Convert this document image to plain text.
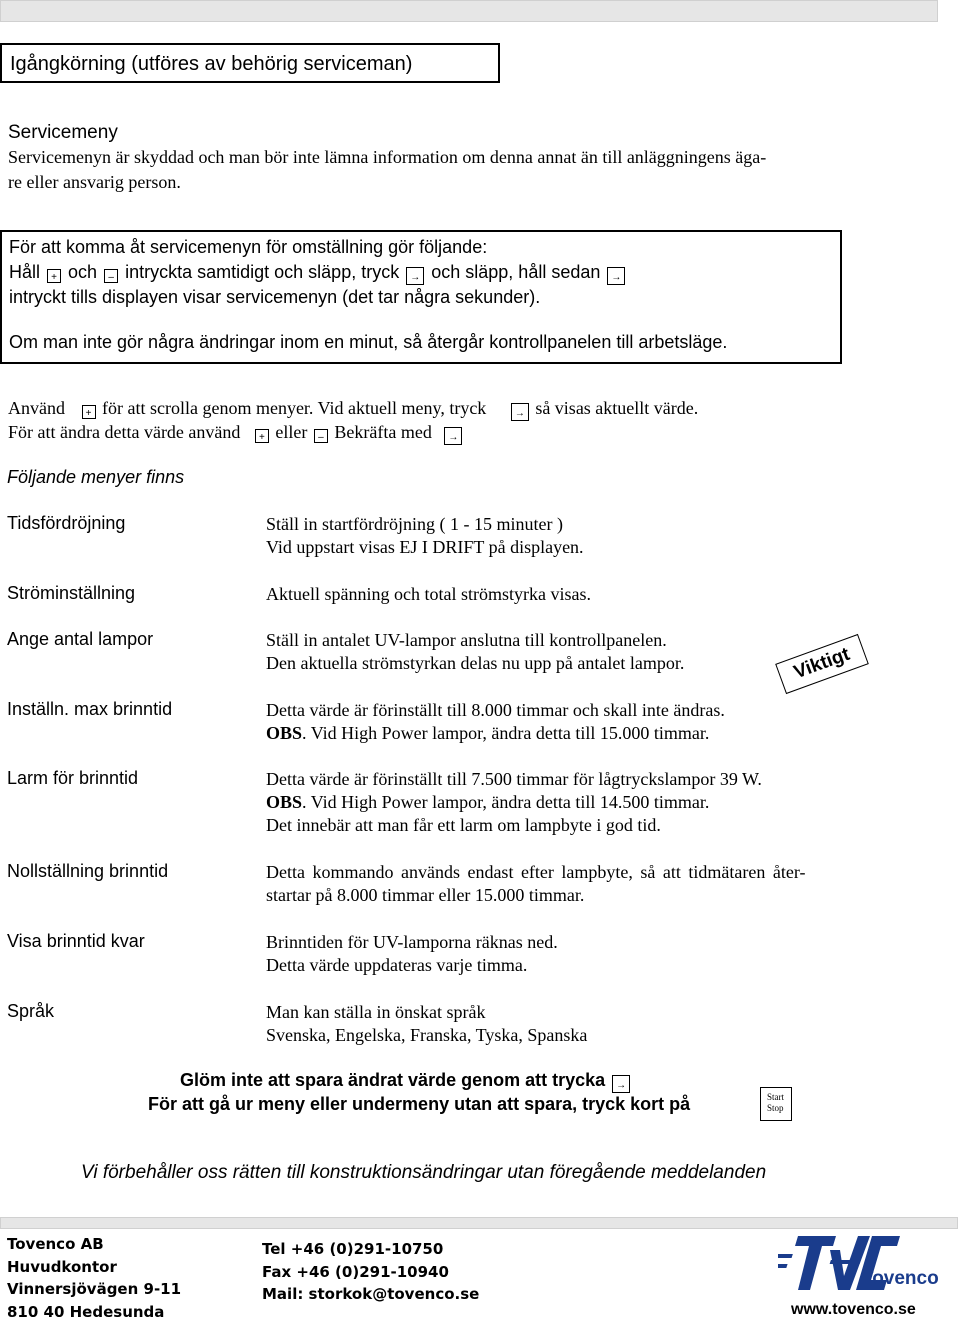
Igångkörning (utföres av behörig serviceman)
Servicemeny
Servicemenyn är skyddad och man bör inte lämna information om denna annat än till anläggningens äga-
re eller ansvarig person.
För att komma åt servicemenyn för omställning gör följande:
Håll + och – intryckta samtidigt och släpp, tryck → och släpp, håll sedan →
intryckt tills displayen visar servicemenyn (det tar några sekunder).
Om man inte gör några ändringar inom en minut, så återgår kontrollpanelen till arbetsläge.
Använd + för att scrolla genom menyer. Vid aktuell meny, tryck	→ så visas aktuellt värde.
För att ändra detta värde använd + eller – Bekräfta med →
Följande menyer finns
Tidsfördröjning	Ställ in startfördröjning ( 1 - 15 minuter )
Vid uppstart visas EJ I DRIFT på displayen.
Ströminställning	Aktuell spänning och total strömstyrka visas.
Ange antal lampor	Ställ in antalet UV-lampor anslutna till kontrollpanelen.
Den aktuella strömstyrkan delas nu upp på antalet lampor.	Viktigt
Inställn. max brinntid	Detta värde är förinställt till 8.000 timmar och skall inte ändras.
OBS. Vid High Power lampor, ändra detta till 15.000 timmar.
Larm för brinntid	Detta värde är förinställt till 7.500 timmar för lågtryckslampor 39 W.
OBS. Vid High Power lampor, ändra detta till 14.500 timmar.
Det innebär att man får ett larm om lampbyte i god tid.
Nollställning brinntid	Detta kommando används endast efter lampbyte, så att tidmätaren åter-
startar på 8.000 timmar eller 15.000 timmar.
Visa brinntid kvar	Brinntiden för UV-lamporna räknas ned.
Detta värde uppdateras varje timma.
Språk	Man kan ställa in önskat språk
Svenska, Engelska, Franska, Tyska, Spanska
Glöm inte att spara ändrat värde genom att trycka →
För att gå ur meny eller undermeny utan att spara, tryck kort på	Start
Stop
Vi förbehåller oss rätten till konstruktionsändringar utan föregående meddelanden
Tovenco AB
Huvudkontor
Vinnersjövägen 9-11
810 40 Hedesunda
Tel +46 (0)291-10750
Fax +46 (0)291-10940
Mail: storkok@tovenco.se
Tovenco
www.tovenco.se
